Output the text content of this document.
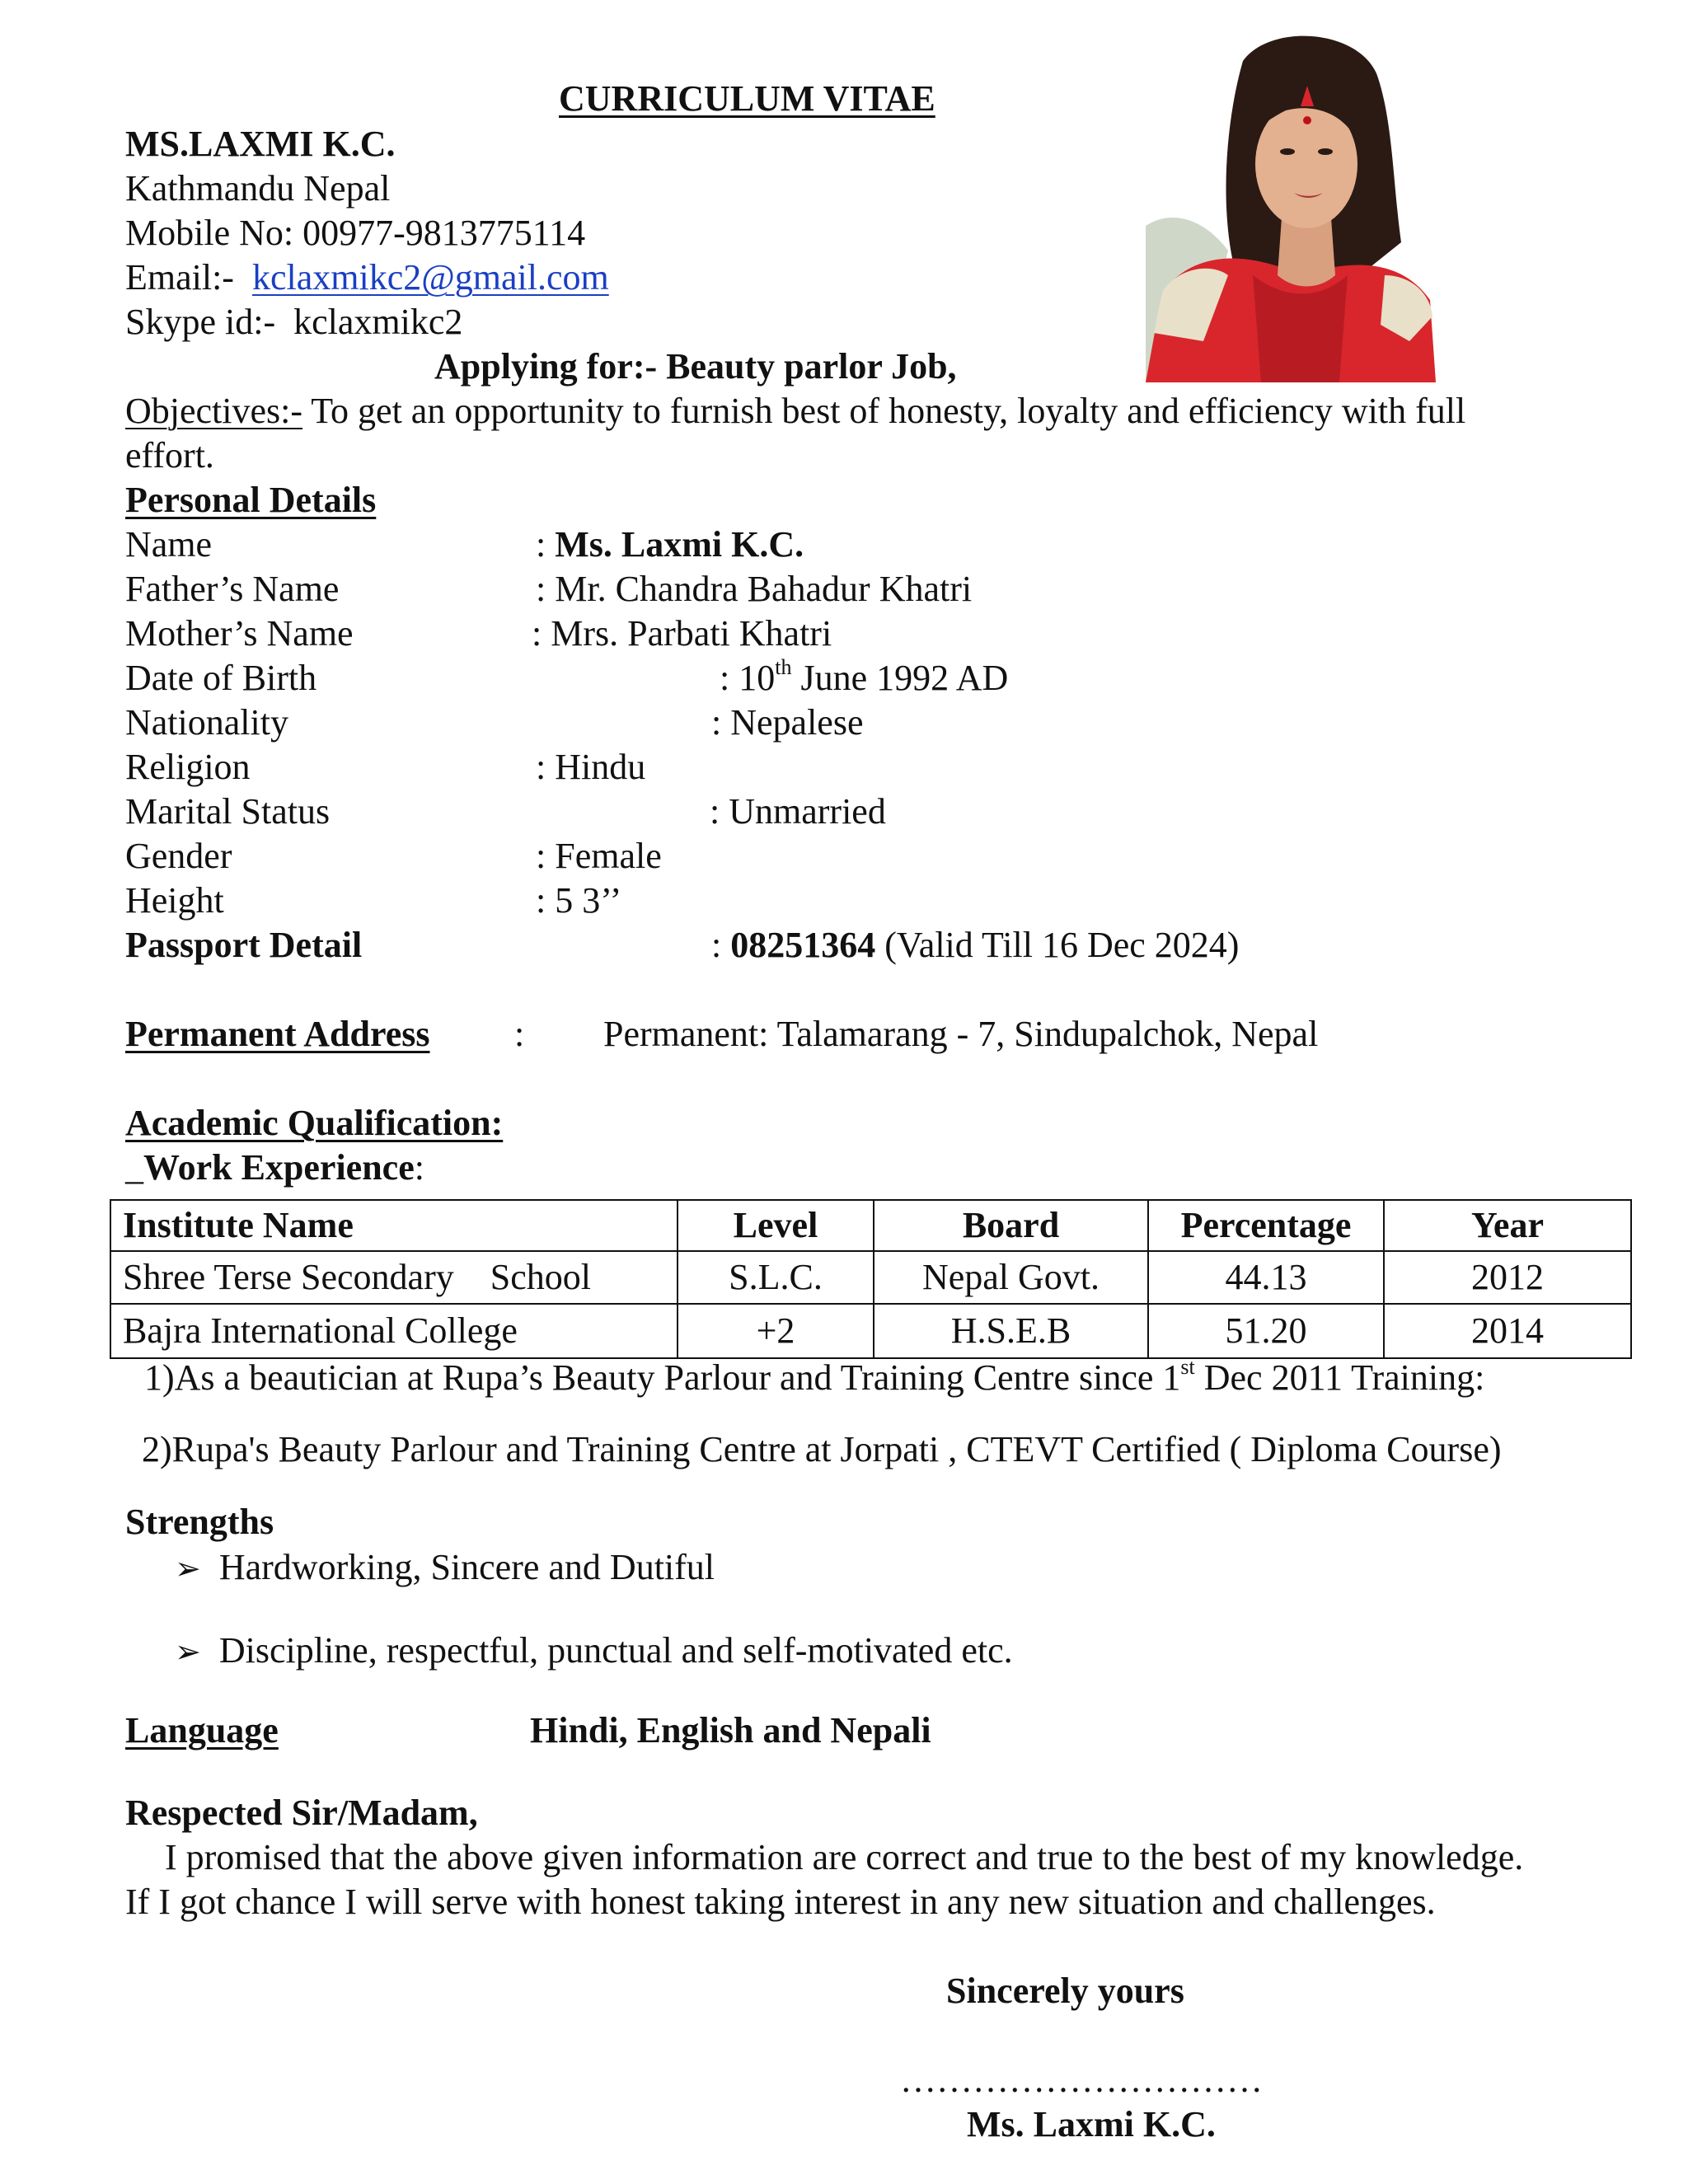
CURRICULUM VITAE
MS.LAXMI K.C.
Kathmandu Nepal
Mobile No: 00977-9813775114
Email:- kclaxmikc2@gmail.com
Skype id:- kclaxmikc2
Applying for:- Beauty parlor Job,
Objectives:- To get an opportunity to furnish best of honesty, loyalty and efficiency with full
effort.
Personal Details
Name	: Ms. Laxmi K.C.
Father’s Name	: Mr. Chandra Bahadur Khatri
Mother’s Name	: Mrs. Parbati Khatri
Date of Birth	: 10th June 1992 AD
Nationality	: Nepalese
Religion	: Hindu
Marital Status	: Unmarried
Gender	: Female
Height	: 5 3’’
Passport Detail	: 08251364 (Valid Till 16 Dec 2024)
Permanent Address : Permanent: Talamarang - 7, Sindupalchok, Nepal
Academic Qualification:
_Work Experience:
Institute Name	Level	Board	Percentage	Year
Shree Terse Secondary    School	S.L.C.	Nepal Govt.	44.13	2012
Bajra International College	+2	H.S.E.B	51.20	2014
1)As a beautician at Rupa’s Beauty Parlour and Training Centre since 1st Dec 2011 Training:
2)Rupa's Beauty Parlour and Training Centre at Jorpati , CTEVT Certified ( Diploma Course)
Strengths
➢ Hardworking, Sincere and Dutiful
➢ Discipline, respectful, punctual and self-motivated etc.
Language	Hindi, English and Nepali
Respected Sir/Madam,
I promised that the above given information are correct and true to the best of my knowledge.
If I got chance I will serve with honest taking interest in any new situation and challenges.
Sincerely yours
…………………………
Ms. Laxmi K.C.
